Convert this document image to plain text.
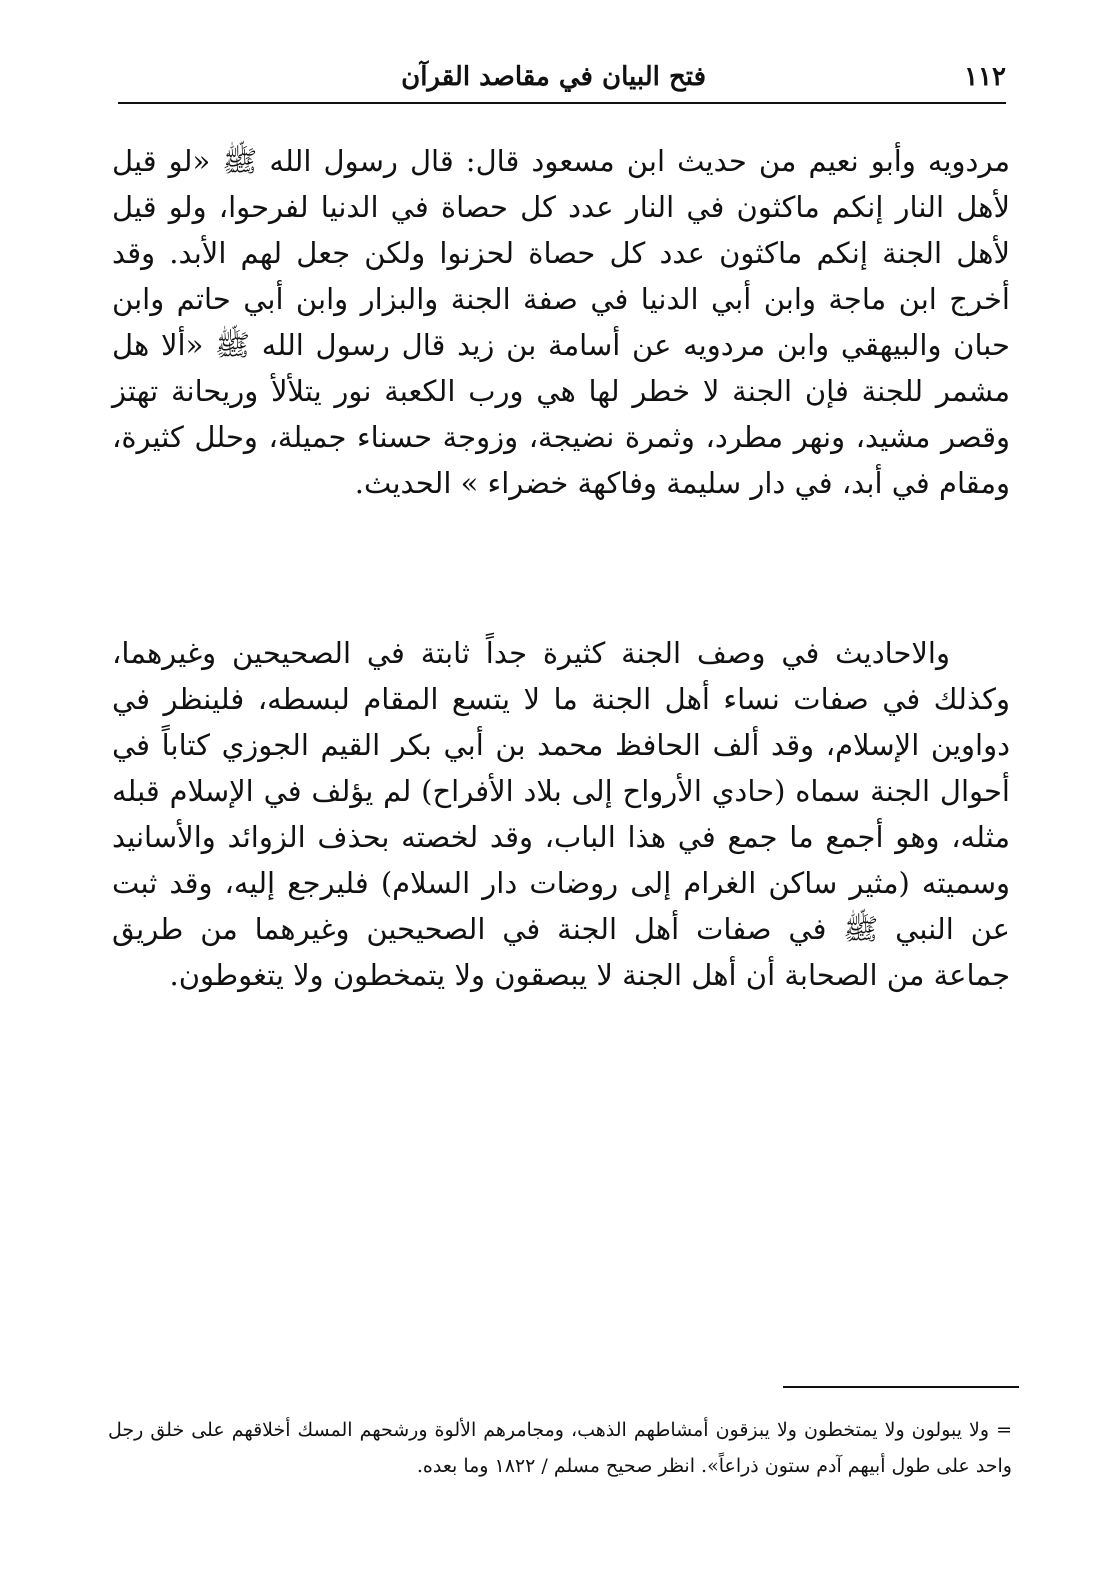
١١٢
فتح البيان في مقاصد القرآن
مردويه وأبو نعيم من حديث ابن مسعود قال: قال رسول الله ﷺ «لو قيل لأهل النار إنكم ماكثون في النار عدد كل حصاة في الدنيا لفرحوا، ولو قيل لأهل الجنة إنكم ماكثون عدد كل حصاة لحزنوا ولكن جعل لهم الأبد. وقد أخرج ابن ماجة وابن أبي الدنيا في صفة الجنة والبزار وابن أبي حاتم وابن حبان والبيهقي وابن مردويه عن أسامة بن زيد قال رسول الله ﷺ «ألا هل مشمر للجنة فإن الجنة لا خطر لها هي ورب الكعبة نور يتلألأ وريحانة تهتز وقصر مشيد، ونهر مطرد، وثمرة نضيجة، وزوجة حسناء جميلة، وحلل كثيرة، ومقام في أبد، في دار سليمة وفاكهة خضراء » الحديث.
والاحاديث في وصف الجنة كثيرة جداً ثابتة في الصحيحين وغيرهما، وكذلك في صفات نساء أهل الجنة ما لا يتسع المقام لبسطه، فلينظر في دواوين الإسلام، وقد ألف الحافظ محمد بن أبي بكر القيم الجوزي كتاباً في أحوال الجنة سماه (حادي الأرواح إلى بلاد الأفراح) لم يؤلف في الإسلام قبله مثله، وهو أجمع ما جمع في هذا الباب، وقد لخصته بحذف الزوائد والأسانيد وسميته (مثير ساكن الغرام إلى روضات دار السلام) فليرجع إليه، وقد ثبت عن النبي ﷺ في صفات أهل الجنة في الصحيحين وغيرهما من طريق جماعة من الصحابة أن أهل الجنة لا يبصقون ولا يتمخطون ولا يتغوطون.
= ولا يبولون ولا يمتخطون ولا يبزقون أمشاطهم الذهب، ومجامرهم الألوة ورشحهم المسك أخلاقهم على خلق رجل واحد على طول أبيهم آدم ستون ذراعاً». انظر صحيح مسلم / ١٨٢٢ وما بعده.
